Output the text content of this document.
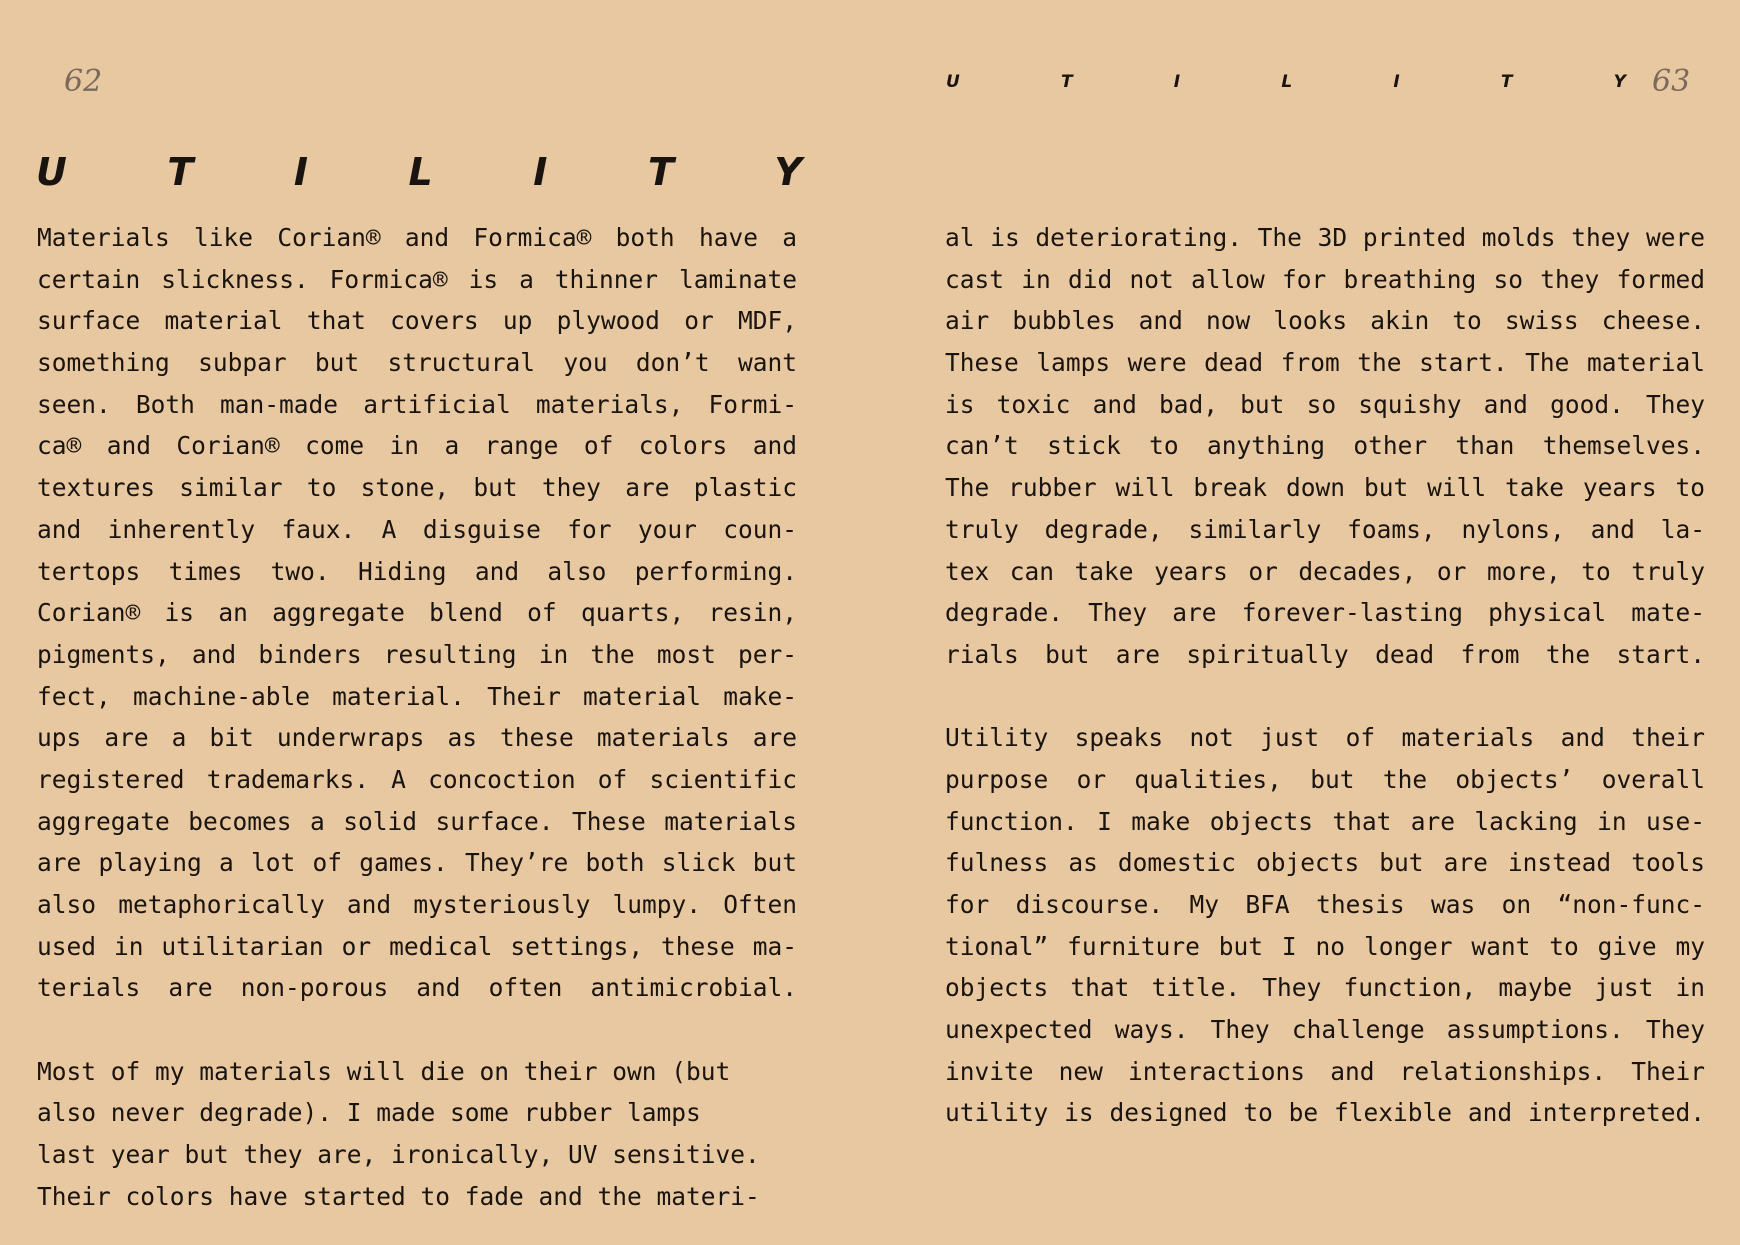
62	U	T	I	L	I	T	Y 63
U	T	I	L	I	T	Y
Materials like Corian® and Formica® both have a
certain slickness. Formica® is a thinner laminate
surface material that covers up plywood or MDF,
something subpar but structural you don’t want
seen. Both man-made artificial materials, Formi-
ca® and Corian® come in a range of colors and
textures similar to stone, but they are plastic
and inherently faux. A disguise for your coun-
tertops times two. Hiding and also performing.
Corian® is an aggregate blend of quarts, resin,
pigments, and binders resulting in the most per-
fect, machine-able material. Their material make-
ups are a bit underwraps as these materials are
registered trademarks. A concoction of scientific
aggregate becomes a solid surface. These materials
are playing a lot of games. They’re both slick but
also metaphorically and mysteriously lumpy. Often
used in utilitarian or medical settings, these ma-
terials are non-porous and often antimicrobial.
Most of my materials will die on their own (but
also never degrade). I made some rubber lamps
last year but they are, ironically, UV sensitive.
Their colors have started to fade and the materi-
al is deteriorating. The 3D printed molds they were
cast in did not allow for breathing so they formed
air bubbles and now looks akin to swiss cheese.
These lamps were dead from the start. The material
is toxic and bad, but so squishy and good. They
can’t stick to anything other than themselves.
The rubber will break down but will take years to
truly degrade, similarly foams, nylons, and la-
tex can take years or decades, or more, to truly
degrade. They are forever-lasting physical mate-
rials but are spiritually dead from the start.
Utility speaks not just of materials and their
purpose or qualities, but the objects’ overall
function. I make objects that are lacking in use-
fulness as domestic objects but are instead tools
for discourse. My BFA thesis was on “non-func-
tional” furniture but I no longer want to give my
objects that title. They function, maybe just in
unexpected ways. They challenge assumptions. They
invite new interactions and relationships. Their
utility is designed to be flexible and interpreted.
